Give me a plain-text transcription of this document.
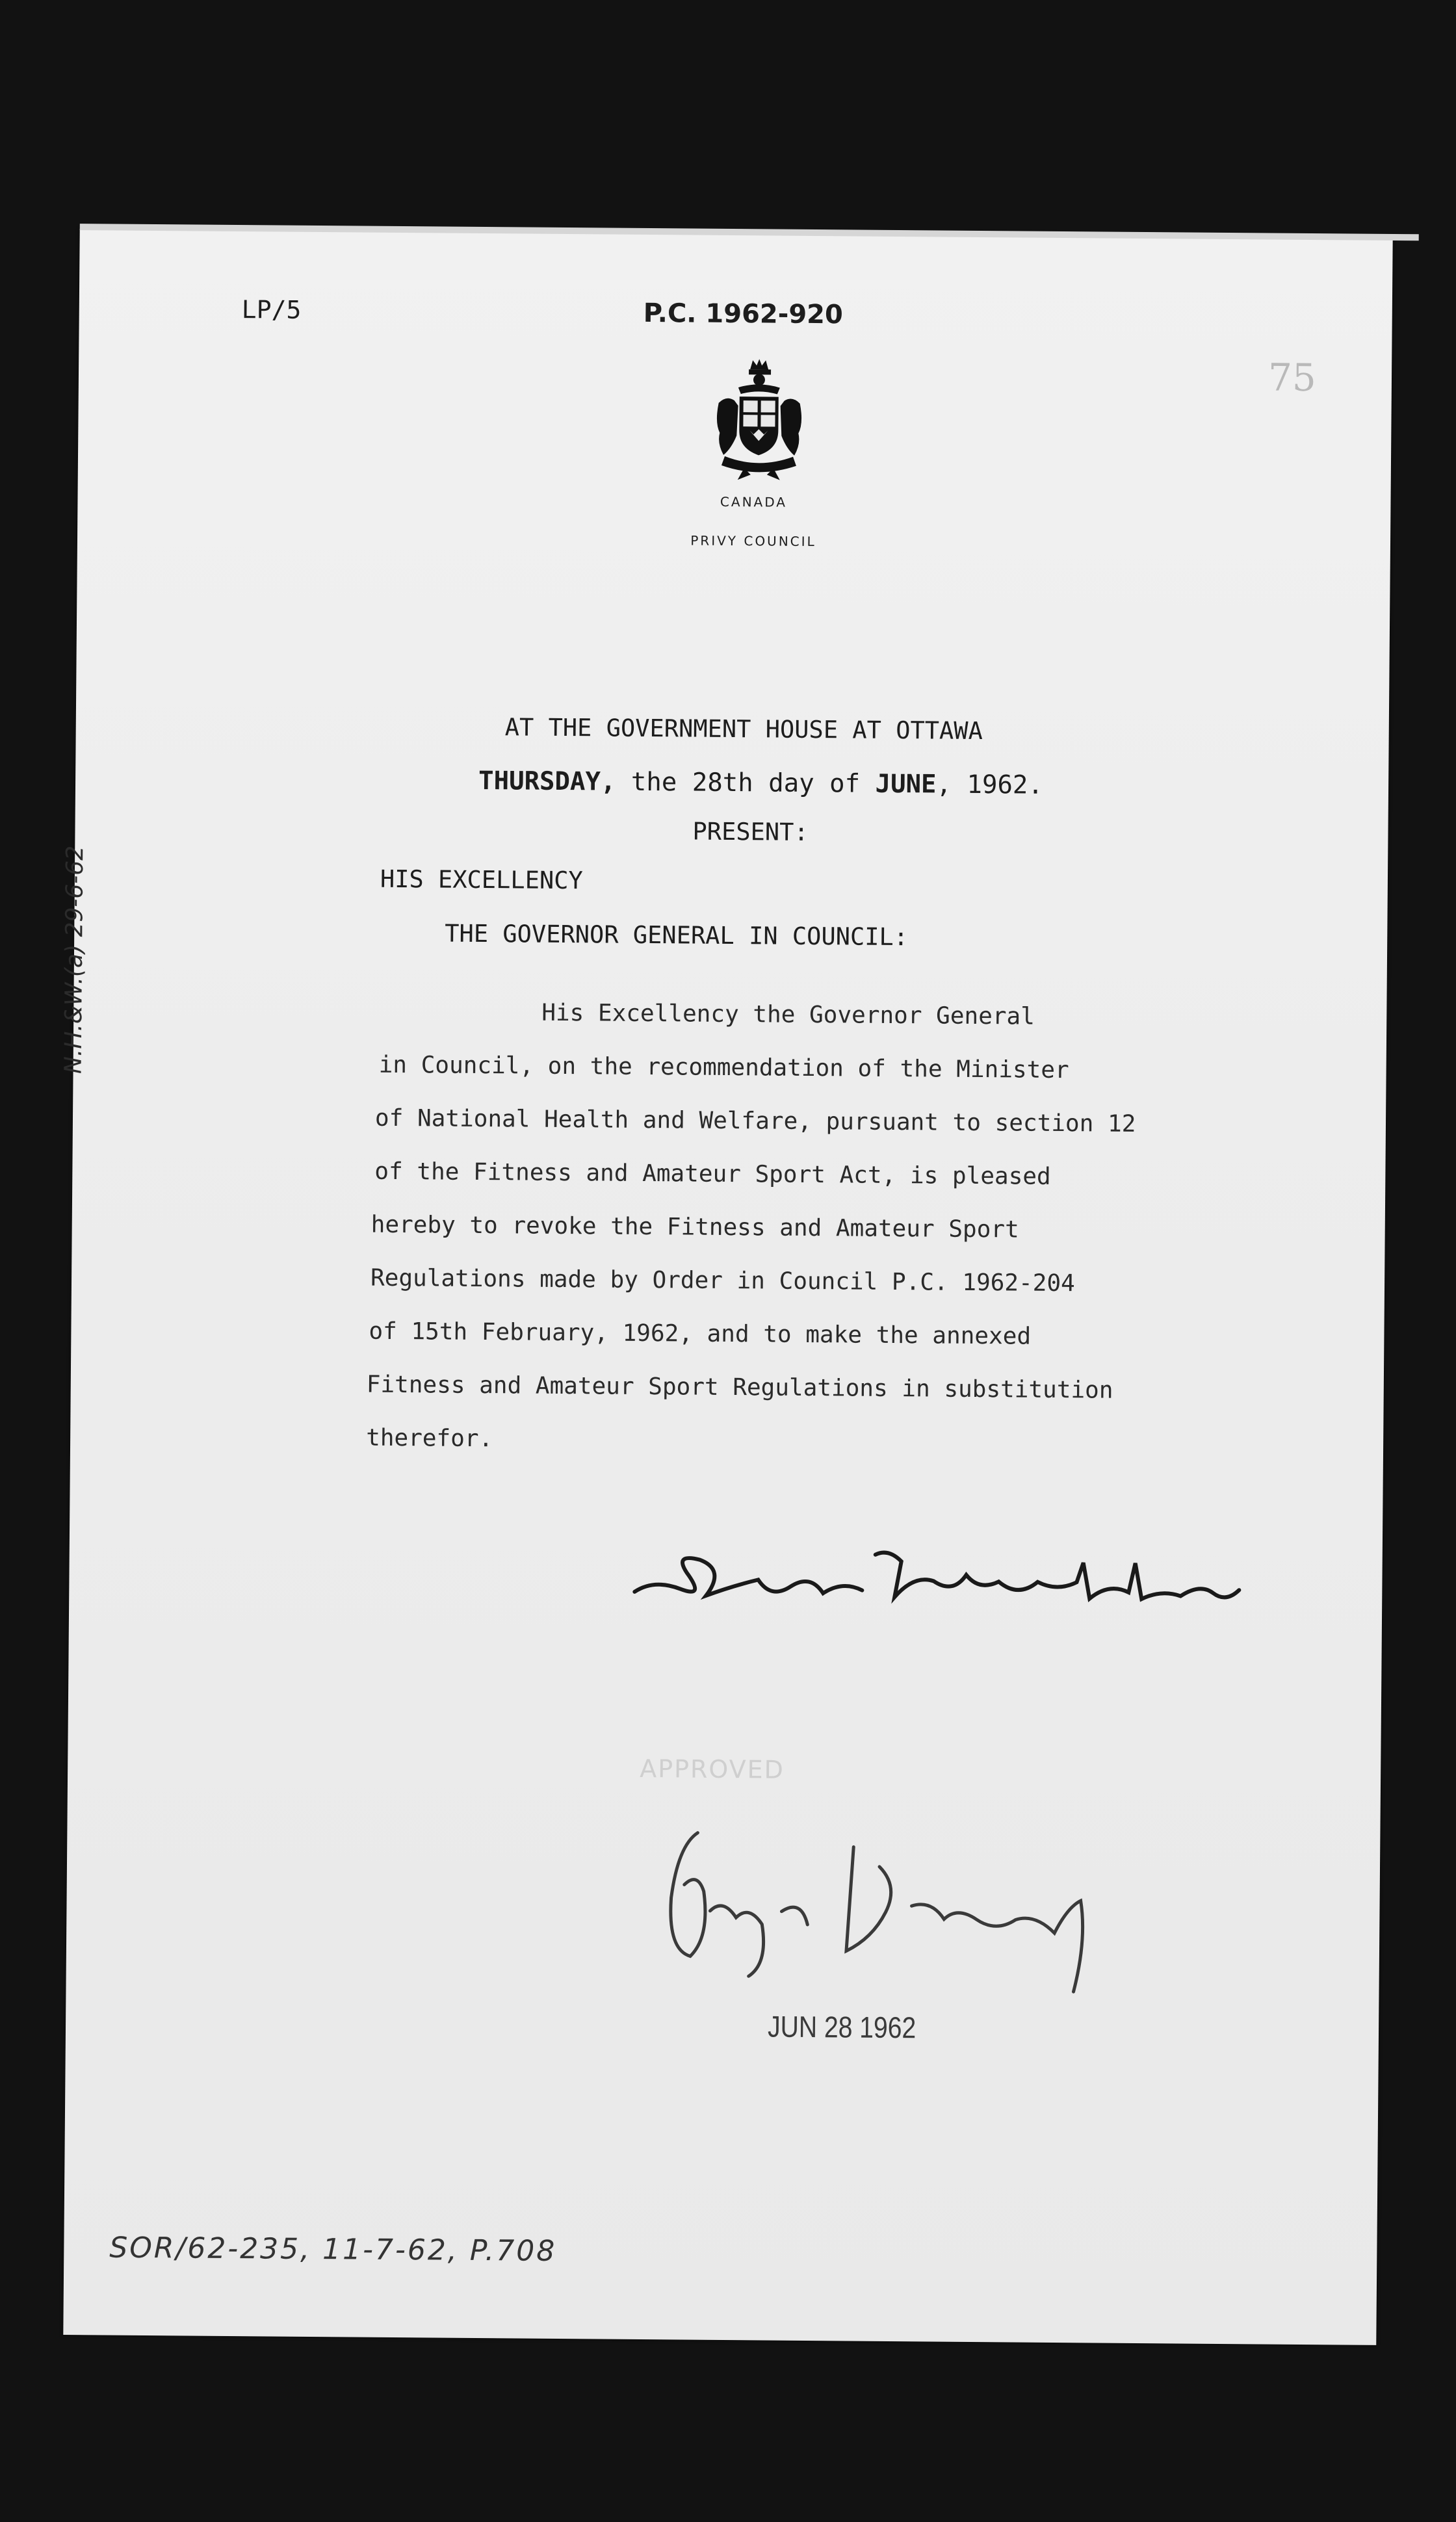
LP/5	P.C. 1962-920
75
CANADA
PRIVY COUNCIL
AT THE GOVERNMENT HOUSE AT OTTAWA
THURSDAY, the 28th day of JUNE, 1962.
PRESENT:
HIS EXCELLENCY
THE GOVERNOR GENERAL IN COUNCIL:
His Excellency the Governor General
in Council, on the recommendation of the Minister
of National Health and Welfare, pursuant to section 12
of the Fitness and Amateur Sport Act, is pleased
hereby to revoke the Fitness and Amateur Sport
Regulations made by Order in Council P.C. 1962-204
of 15th February, 1962, and to make the annexed
Fitness and Amateur Sport Regulations in substitution
therefor.
N.H.&W.(a) 29-6-62
APPROVED
JUN 28 1962
SOR/62-235, 11-7-62, P.708
